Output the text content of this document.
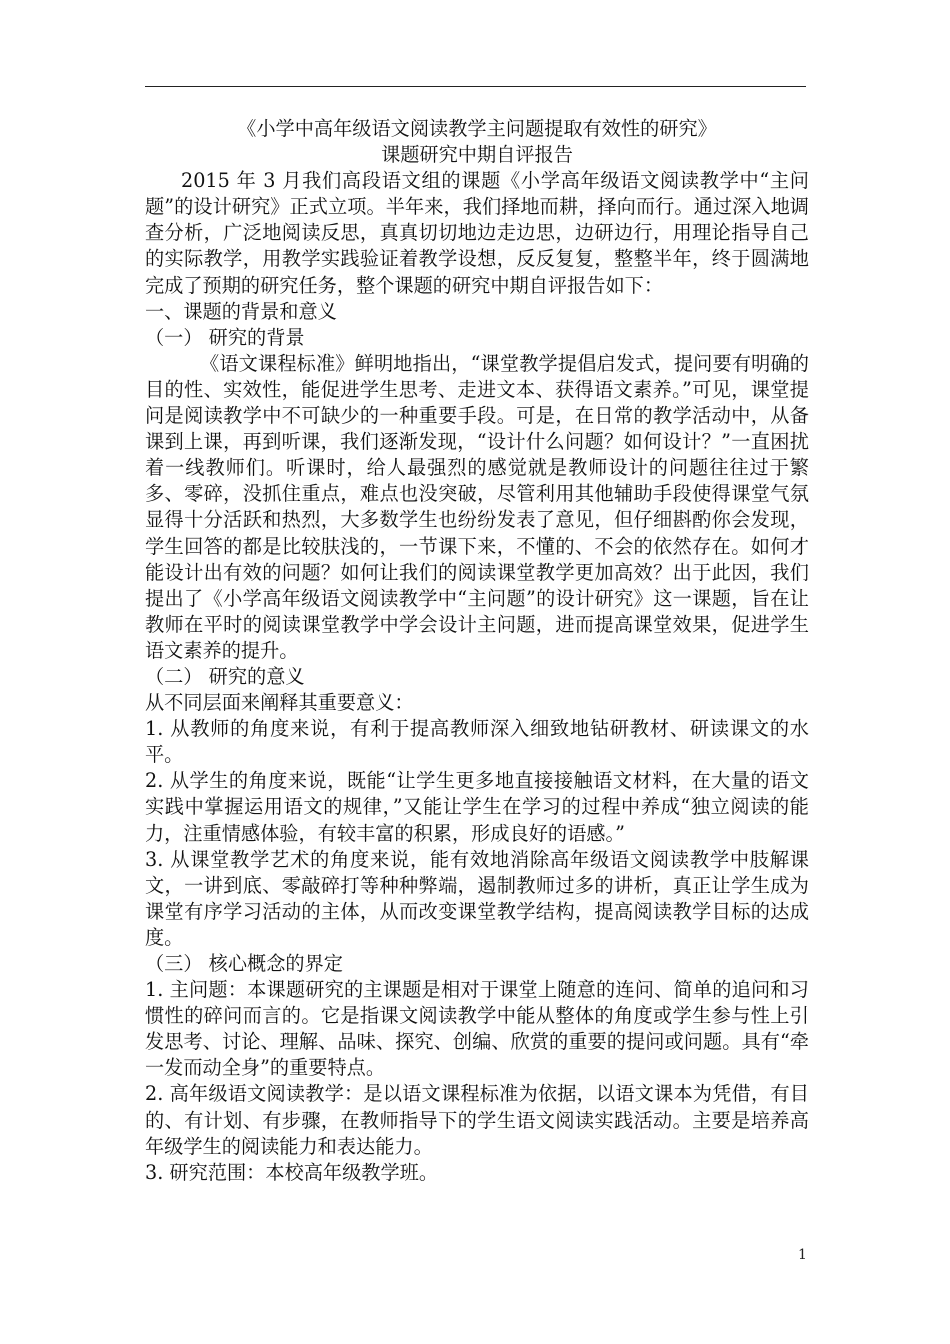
《小学中高年级语文阅读教学主问题提取有效性的研究》

课题研究中期自评报告

2015 年 3 月我们高段语文组的课题《小学高年级语文阅读教学中“主问题”的设计研究》正式立项。半年来，我们择地而耕，择向而行。通过深入地调查分析，广泛地阅读反思，真真切切地边走边思，边研边行，用理论指导自己的实际教学，用教学实践验证着教学设想，反反复复，整整半年，终于圆满地完成了预期的研究任务，整个课题的研究中期自评报告如下：

一、课题的背景和意义

（一） 研究的背景

《语文课程标准》鲜明地指出，“课堂教学提倡启发式，提问要有明确的目的性、实效性，能促进学生思考、走进文本、获得语文素养。”可见，课堂提问是阅读教学中不可缺少的一种重要手段。可是，在日常的教学活动中，从备课到上课，再到听课，我们逐渐发现，“设计什么问题？如何设计？”一直困扰着一线教师们。听课时，给人最强烈的感觉就是教师设计的问题往往过于繁多、零碎，没抓住重点，难点也没突破，尽管利用其他辅助手段使得课堂气氛显得十分活跃和热烈，大多数学生也纷纷发表了意见，但仔细斟酌你会发现，学生回答的都是比较肤浅的，一节课下来，不懂的、不会的依然存在。如何才能设计出有效的问题？如何让我们的阅读课堂教学更加高效？出于此因，我们提出了《小学高年级语文阅读教学中“主问题”的设计研究》这一课题，旨在让教师在平时的阅读课堂教学中学会设计主问题，进而提高课堂效果，促进学生语文素养的提升。

（二） 研究的意义

从不同层面来阐释其重要意义：

1. 从教师的角度来说，有利于提高教师深入细致地钻研教材、研读课文的水平。

2. 从学生的角度来说，既能“让学生更多地直接接触语文材料，在大量的语文实践中掌握运用语文的规律，”又能让学生在学习的过程中养成“独立阅读的能力，注重情感体验，有较丰富的积累，形成良好的语感。”

3. 从课堂教学艺术的角度来说，能有效地消除高年级语文阅读教学中肢解课文，一讲到底、零敲碎打等种种弊端，遏制教师过多的讲析，真正让学生成为课堂有序学习活动的主体，从而改变课堂教学结构，提高阅读教学目标的达成度。

（三） 核心概念的界定

1. 主问题：本课题研究的主课题是相对于课堂上随意的连问、简单的追问和习惯性的碎问而言的。它是指课文阅读教学中能从整体的角度或学生参与性上引发思考、讨论、理解、品味、探究、创编、欣赏的重要的提问或问题。具有“牵一发而动全身”的重要特点。

2. 高年级语文阅读教学：是以语文课程标准为依据，以语文课本为凭借，有目的、有计划、有步骤，在教师指导下的学生语文阅读实践活动。主要是培养高年级学生的阅读能力和表达能力。

3. 研究范围：本校高年级教学班。

1
